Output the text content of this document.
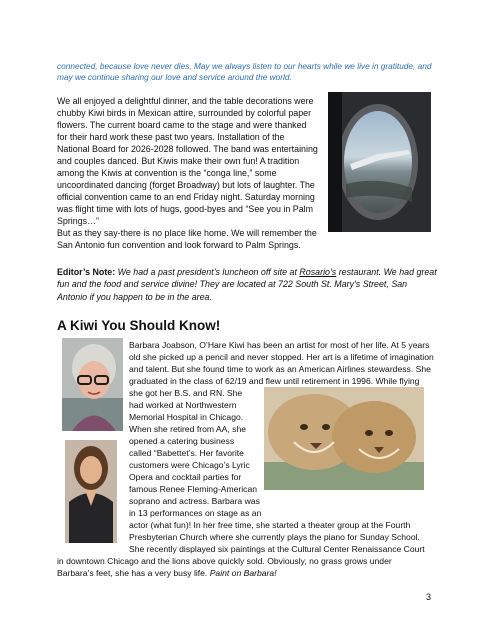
connected, because love never dies. May we always listen to our hearts while we live in gratitude, and

may we continue sharing our love and service around the world.

We all enjoyed a delightful dinner, and the table decorations were

chubby Kiwi birds in Mexican attire, surrounded by colorful paper

flowers. The current board came to the stage and were thanked

for their hard work these past two years. Installation of the

National Board for 2026-2028 followed. The band was entertaining

and couples danced. But Kiwis make their own fun! A tradition

among the Kiwis at convention is the “conga line,” some

uncoordinated dancing (forget Broadway) but lots of laughter. The

official convention came to an end Friday night. Saturday morning

was flight time with lots of hugs, good-byes and “See you in Palm

Springs…”

But as they say-there is no place like home. We will remember the

San Antonio fun convention and look forward to Palm Springs.

Editor’s Note: We had a past president’s luncheon off site at Rosario’s restaurant. We had great
fun and the food and service divine! They are located at 722 South St. Mary’s Street, San
Antonio if you happen to be in the area.
A Kiwi You Should Know!
Barbara Joabson, O’Hare Kiwi has been an artist for most of her life. At 5 years
old she picked up a pencil and never stopped. Her art is a lifetime of imagination
and talent. But she found time to work as an American Airlines stewardess. She
graduated in the class of 62/19 and flew until retirement in 1996. While flying
she got her B.S. and RN. She
had worked at Northwestern
Memorial Hospital in Chicago.
When she retired from AA, she
opened a catering business
called “Babettet’s. Her favorite
customers were Chicago’s Lyric
Opera and cocktail parties for
famous Renee Fleming-American
soprano and actress. Barbara was
in 13 performances on stage as an
actor (what fun)! In her free time, she started a theater group at the Fourth
Presbyterian Church where she currently plays the piano for Sunday School.
She recently displayed six paintings at the Cultural Center Renaissance Court
in downtown Chicago and the lions above quickly sold. Obviously, no grass grows under
Barbara’s feet, she has a very busy life. Paint on Barbara!
3
